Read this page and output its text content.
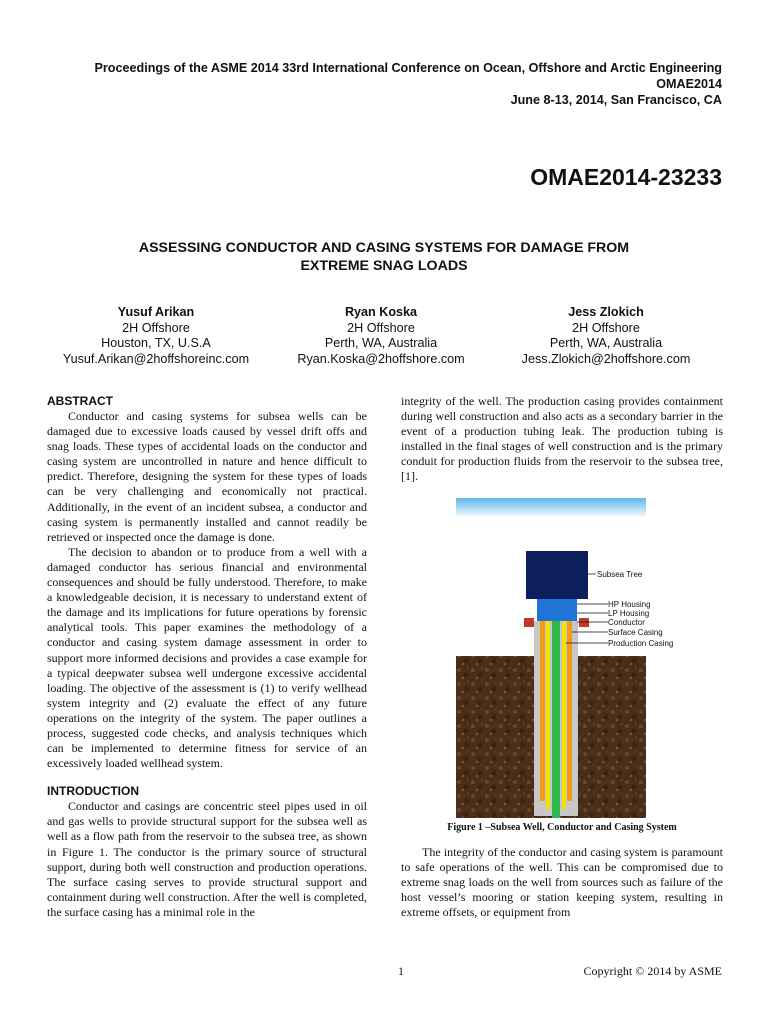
Proceedings of the ASME 2014 33rd International Conference on Ocean, Offshore and Arctic Engineering
OMAE2014
June 8-13, 2014, San Francisco, CA
OMAE2014-23233
ASSESSING CONDUCTOR AND CASING SYSTEMS FOR DAMAGE FROM
EXTREME SNAG LOADS
Yusuf Arikan
2H Offshore
Houston, TX, U.S.A
Yusuf.Arikan@2hoffshoreinc.com
Ryan Koska
2H Offshore
Perth, WA, Australia
Ryan.Koska@2hoffshore.com
Jess Zlokich
2H Offshore
Perth, WA, Australia
Jess.Zlokich@2hoffshore.com
ABSTRACT

Conductor and casing systems for subsea wells can be damaged due to excessive loads caused by vessel drift offs and snag loads. These types of accidental loads on the conductor and casing system are uncontrolled in nature and hence difficult to predict. Therefore, designing the system for these types of loads can be very challenging and economically not practical. Additionally, in the event of an incident subsea, a conductor and casing system is permanently installed and cannot readily be retrieved or inspected once the damage is done.

The decision to abandon or to produce from a well with a damaged conductor has serious financial and environmental consequences and should be fully understood. Therefore, to make a knowledgeable decision, it is necessary to understand extent of the damage and its implications for future operations by forensic analytical tools. This paper examines the methodology of a conductor and casing system damage assessment in order to support more informed decisions and provides a case example for a typical deepwater subsea well undergone excessive accidental loading. The objective of the assessment is (1) to verify wellhead system integrity and (2) evaluate the effect of any future operations on the integrity of the system. The paper outlines a process, suggested code checks, and analysis techniques which can be implemented to determine fitness for service of an excessively loaded wellhead system.

INTRODUCTION

Conductor and casings are concentric steel pipes used in oil and gas wells to provide structural support for the subsea well as well as a flow path from the reservoir to the subsea tree, as shown in Figure 1. The conductor is the primary source of structural support, during both well construction and production operations. The surface casing serves to provide structural support and containment during well construction. After the well is completed, the surface casing has a minimal role in the

integrity of the well. The production casing provides containment during well construction and also acts as a secondary barrier in the event of a production tubing leak. The production tubing is installed in the final stages of well construction and is the primary conduit for production fluids from the reservoir to the subsea tree, [1].

Subsea Tree
HP Housing
LP Housing
Conductor
Surface Casing
Production Casing
Figure 1 –Subsea Well, Conductor and Casing System

The integrity of the conductor and casing system is paramount to safe operations of the well. This can be compromised due to extreme snag loads on the well from sources such as failure of the host vessel’s mooring or station keeping system, resulting in extreme offsets, or equipment from

1	Copyright © 2014 by ASME
